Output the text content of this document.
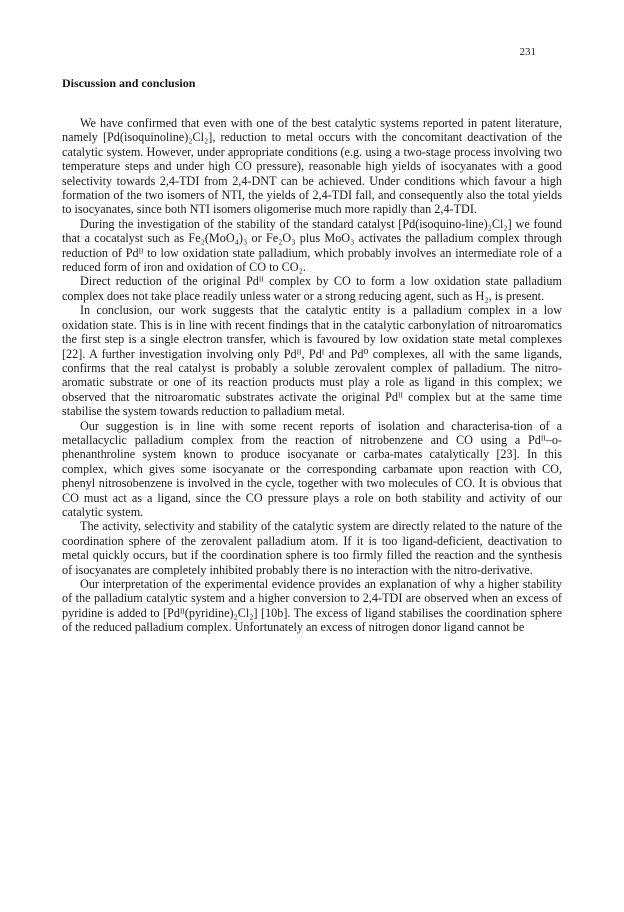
231
Discussion and conclusion

We have confirmed that even with one of the best catalytic systems reported in patent literature, namely [Pd(isoquinoline)₂Cl₂], reduction to metal occurs with the concomitant deactivation of the catalytic system. However, under appropriate conditions (e.g. using a two-stage process involving two temperature steps and under high CO pressure), reasonable high yields of isocyanates with a good selectivity towards 2,4-TDI from 2,4-DNT can be achieved. Under conditions which favour a high formation of the two isomers of NTI, the yields of 2,4-TDI fall, and consequently also the total yields to isocyanates, since both NTI isomers oligomerise much more rapidly than 2,4-TDI.

During the investigation of the stability of the standard catalyst [Pd(isoquino-line)₂Cl₂] we found that a cocatalyst such as Fe₂(MoO₄)₃ or Fe₂O₃ plus MoO₃ activates the palladium complex through reduction of Pdᴵᴵ to low oxidation state palladium, which probably involves an intermediate role of a reduced form of iron and oxidation of CO to CO₂.

Direct reduction of the original Pdᴵᴵ complex by CO to form a low oxidation state palladium complex does not take place readily unless water or a strong reducing agent, such as H₂, is present.

In conclusion, our work suggests that the catalytic entity is a palladium complex in a low oxidation state. This is in line with recent findings that in the catalytic carbonylation of nitroaromatics the first step is a single electron transfer, which is favoured by low oxidation state metal complexes [22]. A further investigation involving only Pdᴵᴵ, Pdᴵ and Pd⁰ complexes, all with the same ligands, confirms that the real catalyst is probably a soluble zerovalent complex of palladium. The nitro-aromatic substrate or one of its reaction products must play a role as ligand in this complex; we observed that the nitroaromatic substrates activate the original Pdᴵᴵ complex but at the same time stabilise the system towards reduction to palladium metal.

Our suggestion is in line with some recent reports of isolation and characterisa-tion of a metallacyclic palladium complex from the reaction of nitrobenzene and CO using a Pdᴵᴵ–o-phenanthroline system known to produce isocyanate or carba-mates catalytically [23]. In this complex, which gives some isocyanate or the corresponding carbamate upon reaction with CO, phenyl nitrosobenzene is involved in the cycle, together with two molecules of CO. It is obvious that CO must act as a ligand, since the CO pressure plays a role on both stability and activity of our catalytic system.

The activity, selectivity and stability of the catalytic system are directly related to the nature of the coordination sphere of the zerovalent palladium atom. If it is too ligand-deficient, deactivation to metal quickly occurs, but if the coordination sphere is too firmly filled the reaction and the synthesis of isocyanates are completely inhibited probably there is no interaction with the nitro-derivative.

Our interpretation of the experimental evidence provides an explanation of why a higher stability of the palladium catalytic system and a higher conversion to 2,4-TDI are observed when an excess of pyridine is added to [Pdᴵᴵ(pyridine)₂Cl₂] [10b]. The excess of ligand stabilises the coordination sphere of the reduced palladium complex. Unfortunately an excess of nitrogen donor ligand cannot be
